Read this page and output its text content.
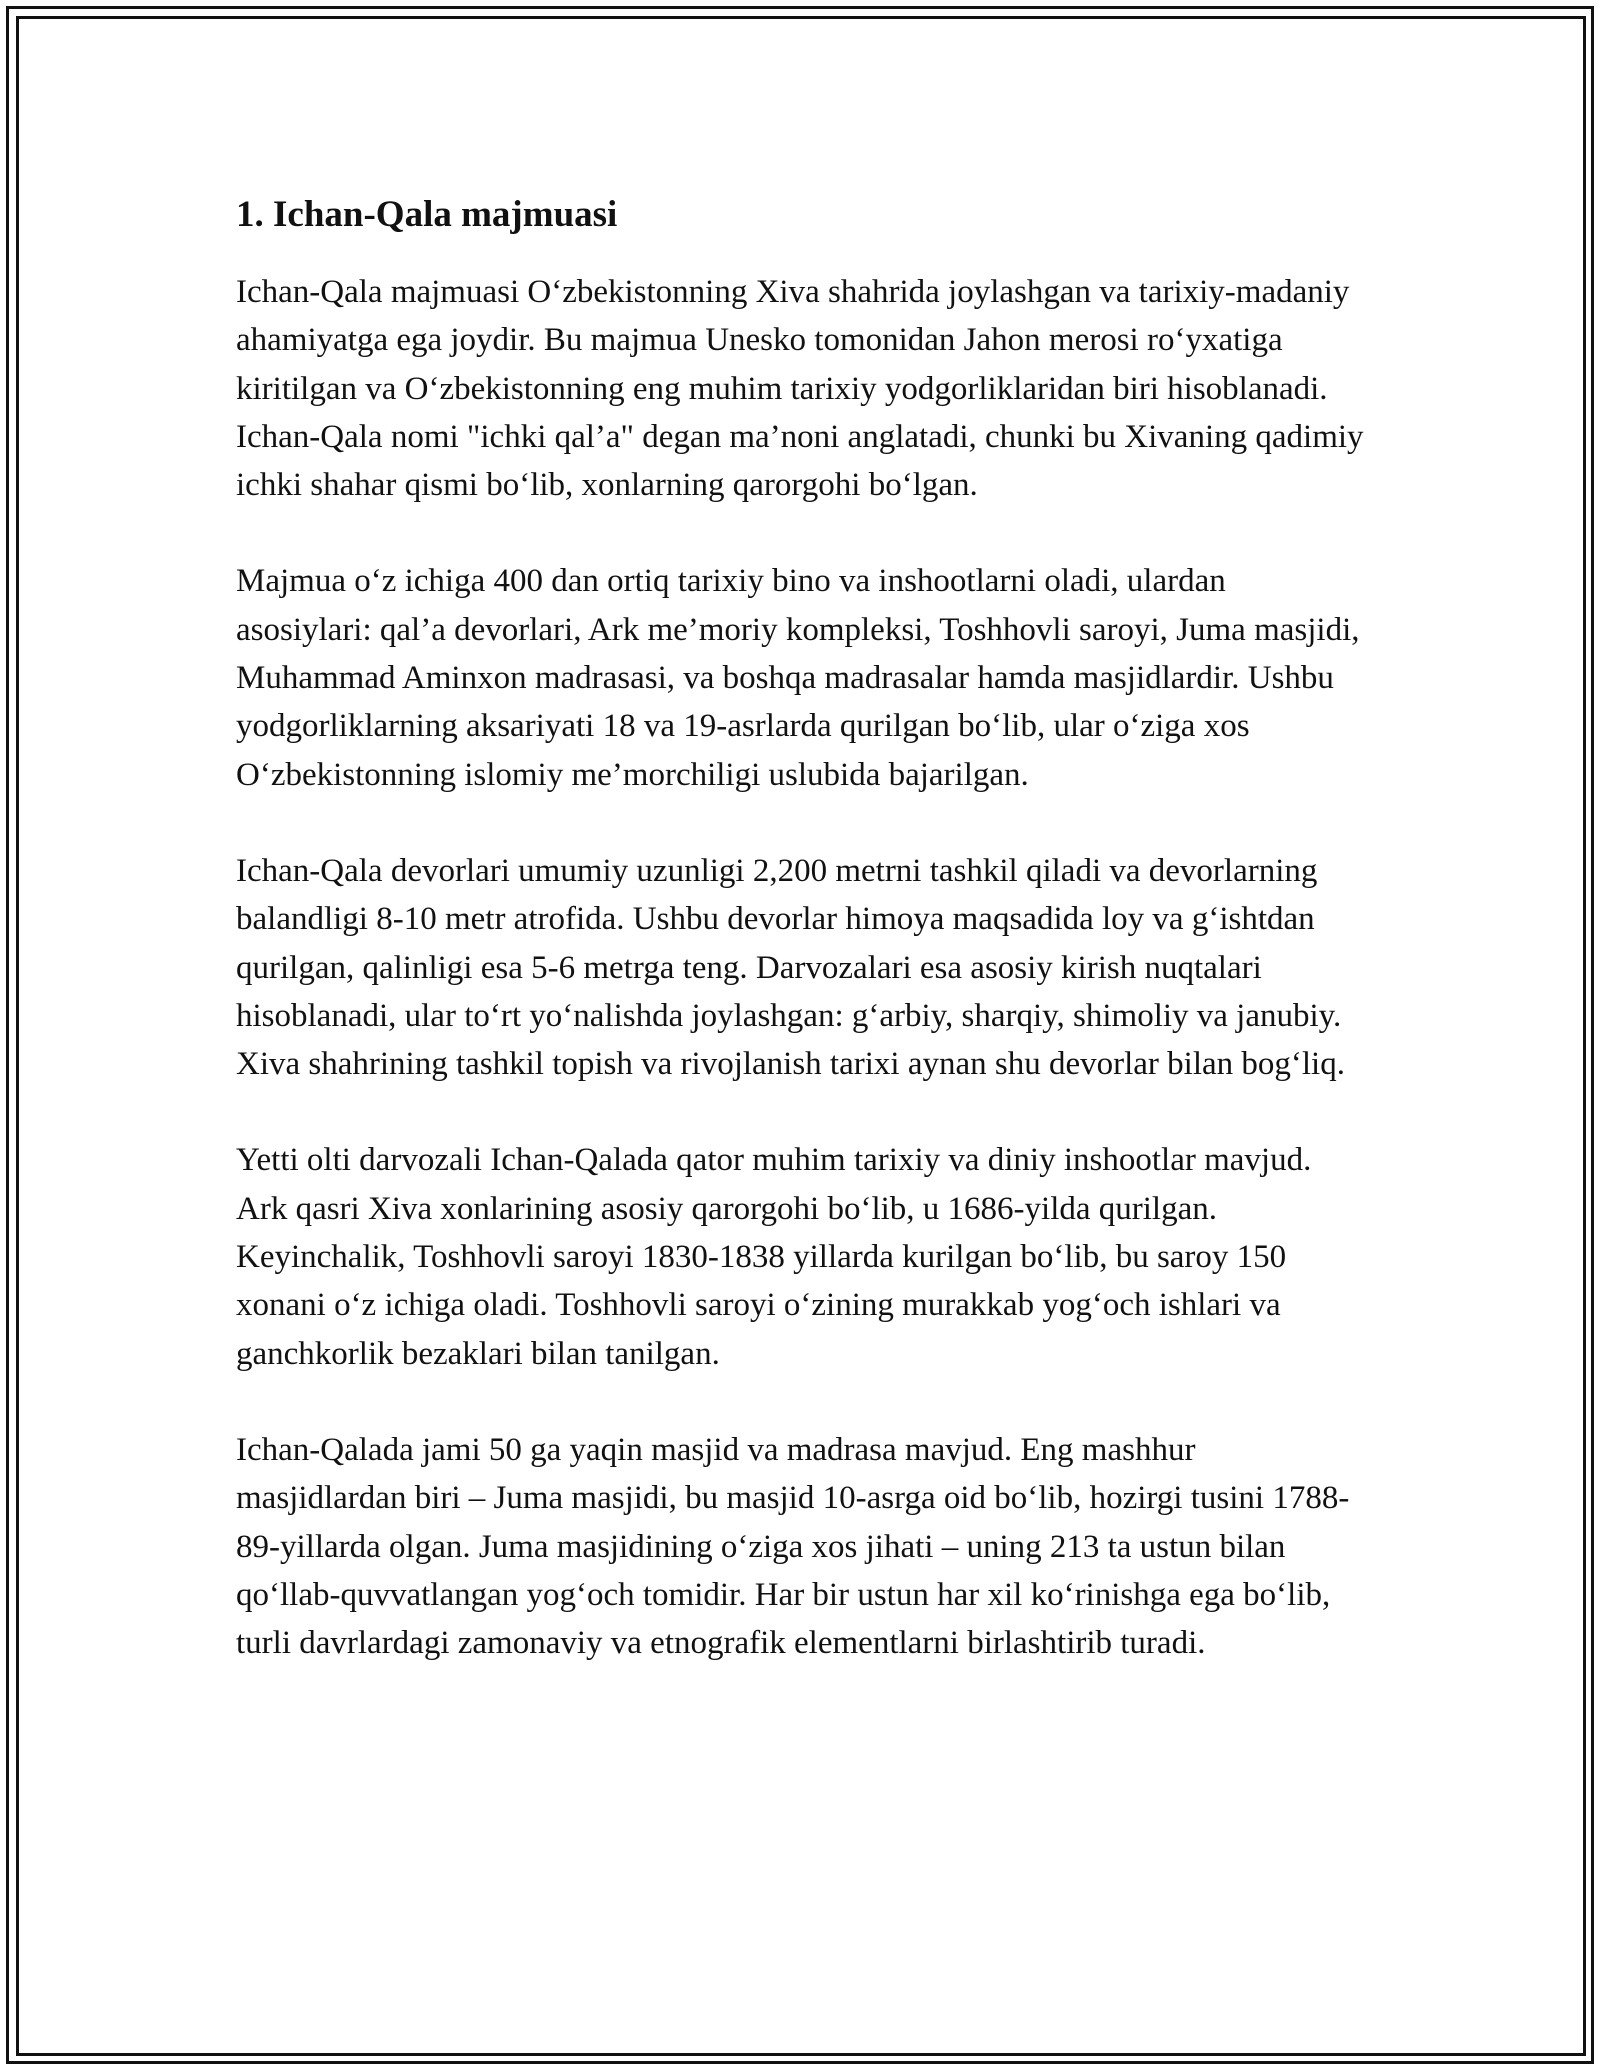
1. Ichan-Qala majmuasi

Ichan-Qala majmuasi O‘zbekistonning Xiva shahrida joylashgan va tarixiy-madaniy ahamiyatga ega joydir. Bu majmua Unesko tomonidan Jahon merosi ro‘yxatiga kiritilgan va O‘zbekistonning eng muhim tarixiy yodgorliklaridan biri hisoblanadi. Ichan-Qala nomi "ichki qal’a" degan ma’noni anglatadi, chunki bu Xivaning qadimiy ichki shahar qismi bo‘lib, xonlarning qarorgohi bo‘lgan.

Majmua o‘z ichiga 400 dan ortiq tarixiy bino va inshootlarni oladi, ulardan asosiylari: qal’a devorlari, Ark me’moriy kompleksi, Toshhovli saroyi, Juma masjidi, Muhammad Aminxon madrasasi, va boshqa madrasalar hamda masjidlardir. Ushbu yodgorliklarning aksariyati 18 va 19-asrlarda qurilgan bo‘lib, ular o‘ziga xos O‘zbekistonning islomiy me’morchiligi uslubida bajarilgan.

Ichan-Qala devorlari umumiy uzunligi 2,200 metrni tashkil qiladi va devorlarning balandligi 8-10 metr atrofida. Ushbu devorlar himoya maqsadida loy va g‘ishtdan qurilgan, qalinligi esa 5-6 metrga teng. Darvozalari esa asosiy kirish nuqtalari hisoblanadi, ular to‘rt yo‘nalishda joylashgan: g‘arbiy, sharqiy, shimoliy va janubiy. Xiva shahrining tashkil topish va rivojlanish tarixi aynan shu devorlar bilan bog‘liq.

Yetti olti darvozali Ichan-Qalada qator muhim tarixiy va diniy inshootlar mavjud. Ark qasri Xiva xonlarining asosiy qarorgohi bo‘lib, u 1686-yilda qurilgan. Keyinchalik, Toshhovli saroyi 1830-1838 yillarda kurilgan bo‘lib, bu saroy 150 xonani o‘z ichiga oladi. Toshhovli saroyi o‘zining murakkab yog‘och ishlari va ganchkorlik bezaklari bilan tanilgan.

Ichan-Qalada jami 50 ga yaqin masjid va madrasa mavjud. Eng mashhur masjidlardan biri – Juma masjidi, bu masjid 10-asrga oid bo‘lib, hozirgi tusini 1788-89-yillarda olgan. Juma masjidining o‘ziga xos jihati – uning 213 ta ustun bilan qo‘llab-quvvatlangan yog‘och tomidir. Har bir ustun har xil ko‘rinishga ega bo‘lib, turli davrlardagi zamonaviy va etnografik elementlarni birlashtirib turadi.
